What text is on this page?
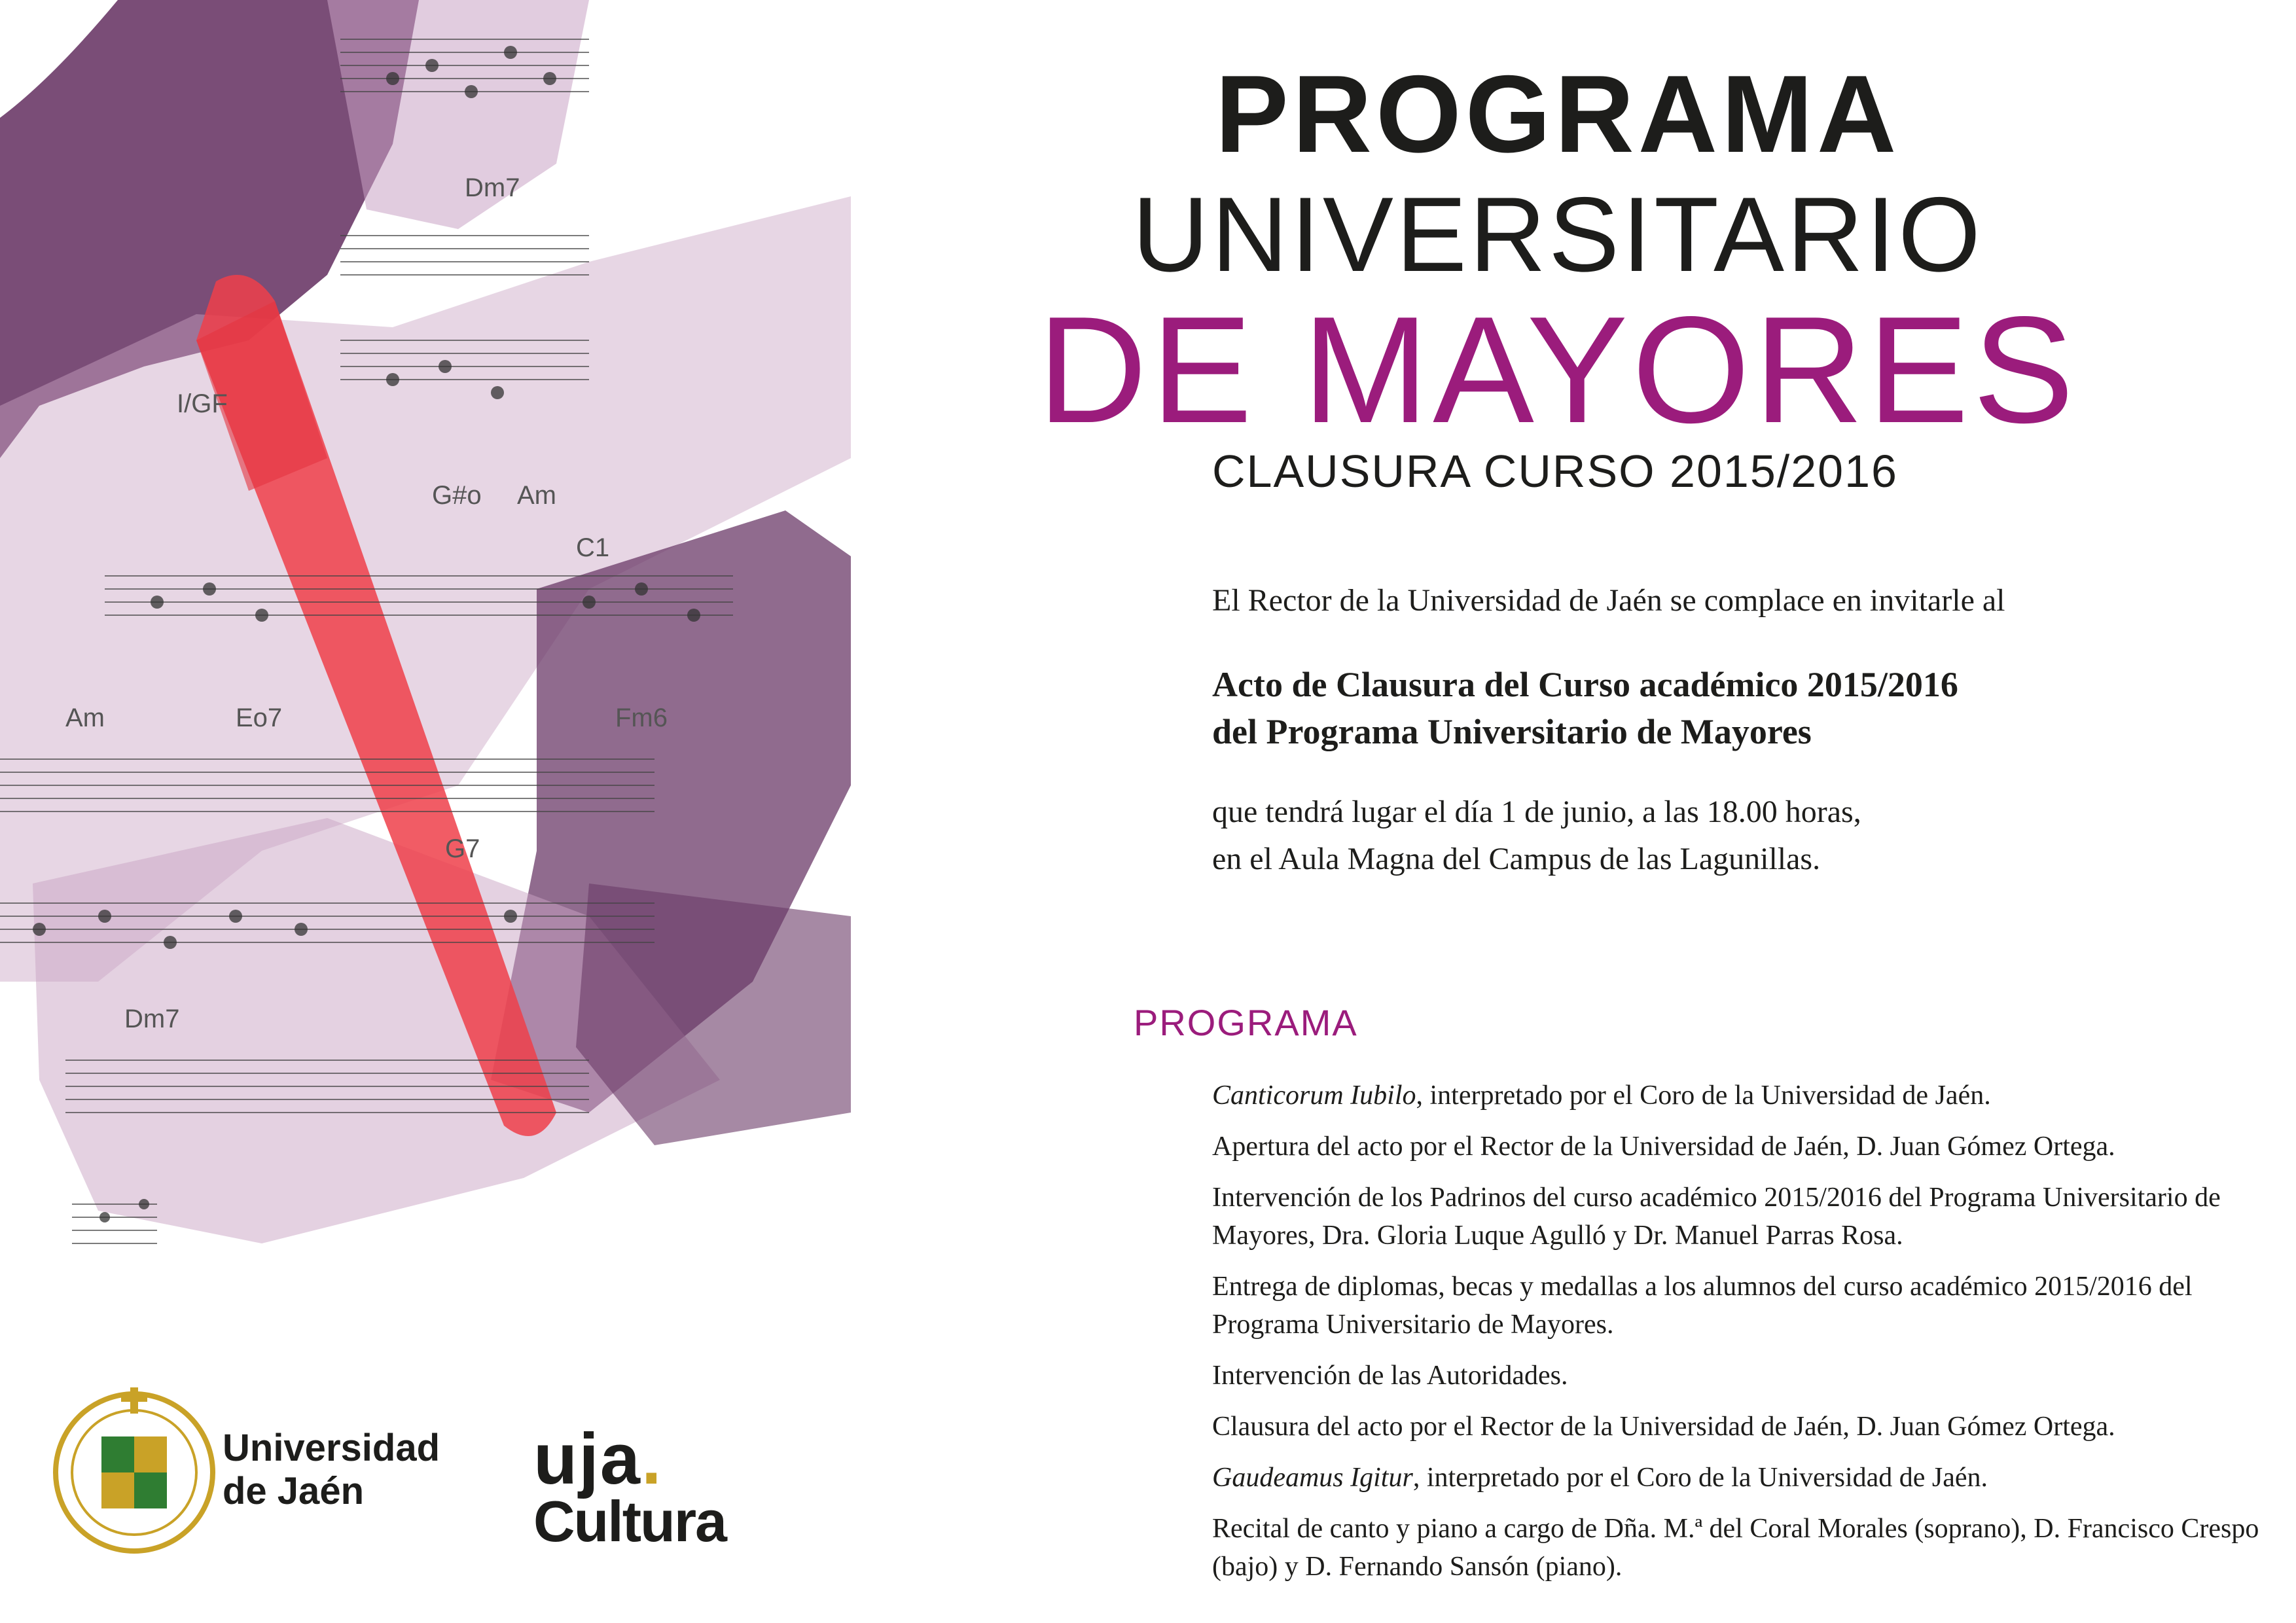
Dm7
I/GF
G#o Am
C1
Am	Eo7	Fm6
G7
Dm7
PROGRAMA
UNIVERSITARIO
DE MAYORES
CLAUSURA CURSO 2015/2016
El Rector de la Universidad de Jaén se complace en invitarle al
Acto de Clausura del Curso académico 2015/2016
del Programa Universitario de Mayores
que tendrá lugar el día 1 de junio, a las 18.00 horas,
en el Aula Magna del Campus de las Lagunillas.
PROGRAMA
Canticorum Iubilo, interpretado por el Coro de la Universidad de Jaén.
Apertura del acto por el Rector de la Universidad de Jaén, D. Juan Gómez Ortega.
Intervención de los Padrinos del curso académico 2015/2016 del Programa Universitario de Mayores, Dra. Gloria Luque Agulló y Dr. Manuel Parras Rosa.
Entrega de diplomas, becas y medallas a los alumnos del curso académico 2015/2016 del Programa Universitario de Mayores.
Intervención de las Autoridades.
Clausura del acto por el Rector de la Universidad de Jaén, D. Juan Gómez Ortega.
Gaudeamus Igitur, interpretado por el Coro de la Universidad de Jaén.
Recital de canto y piano a cargo de Dña. M.ª del Coral Morales (soprano), D. Francisco Crespo (bajo) y D. Fernando Sansón (piano).
Universidad
de Jaén	uja.
Cultura
